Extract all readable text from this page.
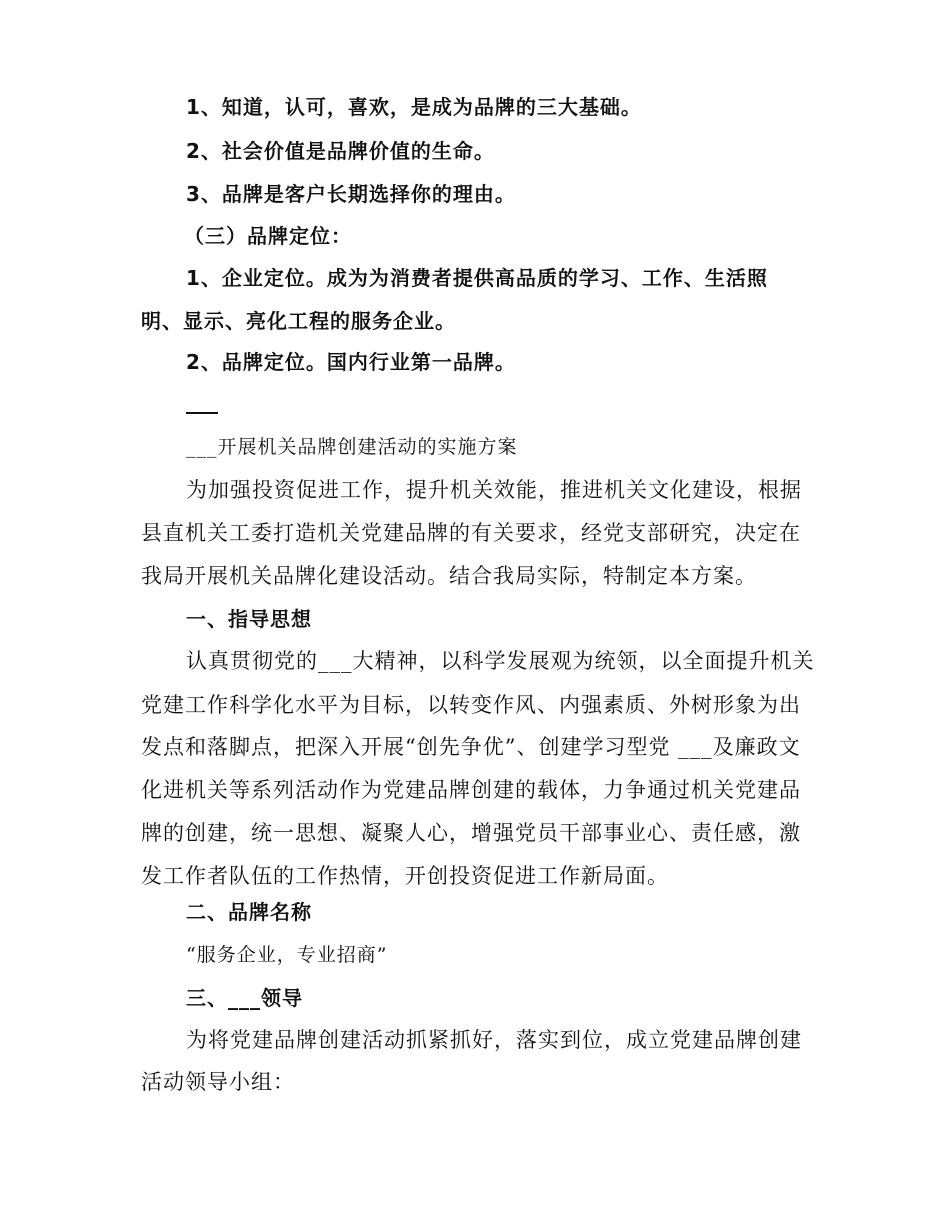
1、知道，认可，喜欢，是成为品牌的三大基础。
2、社会价值是品牌价值的生命。
3、品牌是客户长期选择你的理由。
（三）品牌定位：
1、企业定位。成为为消费者提供高品质的学习、工作、生活照
明、显示、亮化工程的服务企业。
2、品牌定位。国内行业第一品牌。
___开展机关品牌创建活动的实施方案
为加强投资促进工作，提升机关效能，推进机关文化建设，根据
县直机关工委打造机关党建品牌的有关要求，经党支部研究，决定在
我局开展机关品牌化建设活动。结合我局实际，特制定本方案。
一、指导思想
认真贯彻党的___大精神，以科学发展观为统领，以全面提升机关
党建工作科学化水平为目标，以转变作风、内强素质、外树形象为出
发点和落脚点，把深入开展“创先争优”、创建学习型党 ___及廉政文
化进机关等系列活动作为党建品牌创建的载体，力争通过机关党建品
牌的创建，统一思想、凝聚人心，增强党员干部事业心、责任感，激
发工作者队伍的工作热情，开创投资促进工作新局面。
二、品牌名称
“服务企业，专业招商”
三、___领导
为将党建品牌创建活动抓紧抓好，落实到位，成立党建品牌创建
活动领导小组：
